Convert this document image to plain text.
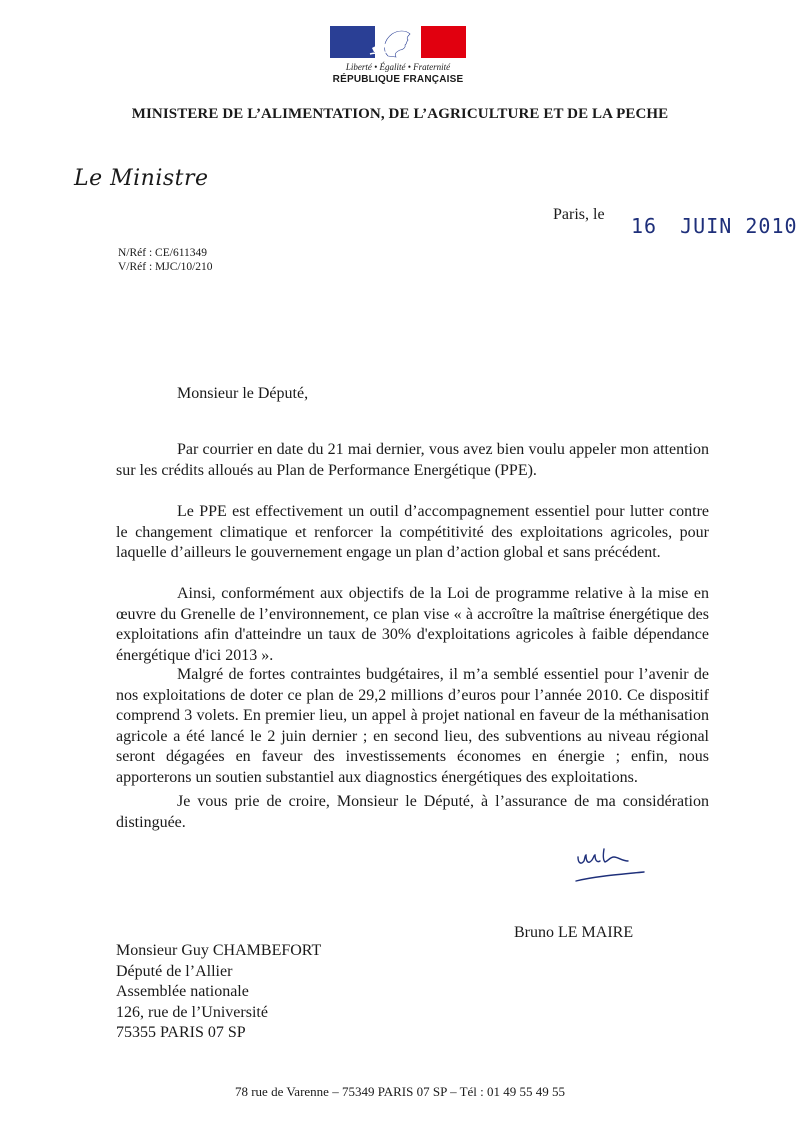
Liberté • Égalité • Fraternité
RÉPUBLIQUE FRANÇAISE
MINISTERE DE L’ALIMENTATION, DE L’AGRICULTURE ET DE LA PECHE
Le Ministre
Paris, le 16 JUIN 2010
N/Réf : CE/611349
V/Réf : MJC/10/210
Monsieur le Député,

Par courrier en date du 21 mai dernier, vous avez bien voulu appeler mon attention sur les crédits alloués au Plan de Performance Energétique (PPE).

Le PPE est effectivement un outil d’accompagnement essentiel pour lutter contre le changement climatique et renforcer la compétitivité des exploitations agricoles, pour laquelle d’ailleurs le gouvernement engage un plan d’action global et sans précédent.

Ainsi, conformément aux objectifs de la Loi de programme relative à la mise en œuvre du Grenelle de l’environnement, ce plan vise « à accroître la maîtrise énergétique des exploitations afin d'atteindre un taux de 30% d'exploitations agricoles à faible dépendance énergétique d'ici 2013 ».

Malgré de fortes contraintes budgétaires, il m’a semblé essentiel pour l’avenir de nos exploitations de doter ce plan de 29,2 millions d’euros pour l’année 2010. Ce dispositif comprend 3 volets. En premier lieu, un appel à projet national en faveur de la méthanisation agricole a été lancé le 2 juin dernier ; en second lieu, des subventions au niveau régional seront dégagées en faveur des investissements économes en énergie ; enfin, nous apporterons un soutien substantiel aux diagnostics énergétiques des exploitations.

Je vous prie de croire, Monsieur le Député, à l’assurance de ma considération distinguée.

Bruno LE MAIRE
Monsieur Guy CHAMBEFORT
Député de l’Allier
Assemblée nationale
126, rue de l’Université
75355 PARIS 07 SP
78 rue de Varenne – 75349 PARIS 07 SP – Tél : 01 49 55 49 55
